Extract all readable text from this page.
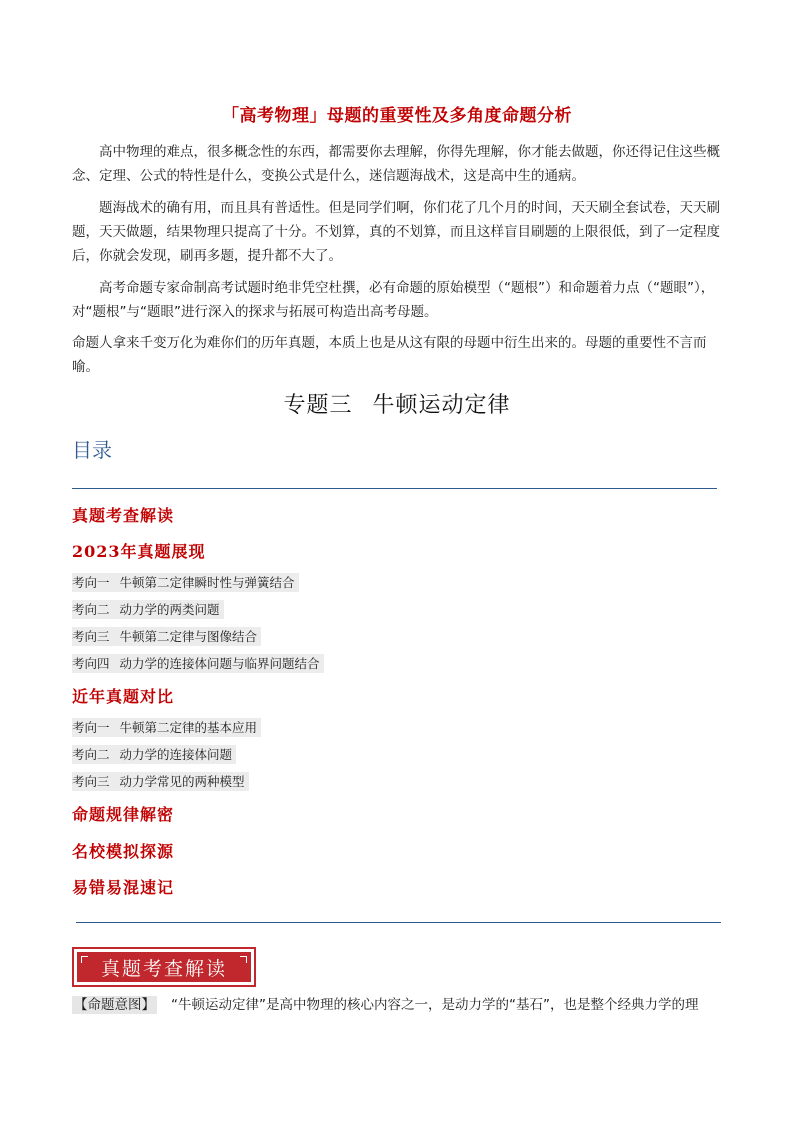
「高考物理」母题的重要性及多角度命题分析

高中物理的难点，很多概念性的东西，都需要你去理解，你得先理解，你才能去做题，你还得记住这些概念、定理、公式的特性是什么，变换公式是什么，迷信题海战术，这是高中生的通病。

题海战术的确有用，而且具有普适性。但是同学们啊，你们花了几个月的时间，天天刷全套试卷，天天刷题，天天做题，结果物理只提高了十分。不划算，真的不划算，而且这样盲目刷题的上限很低，到了一定程度后，你就会发现，刷再多题，提升都不大了。

高考命题专家命制高考试题时绝非凭空杜撰，必有命题的原始模型（“题根”）和命题着力点（“题眼”），对“题根”与“题眼”进行深入的探求与拓展可构造出高考母题。

命题人拿来千变万化为难你们的历年真题，本质上也是从这有限的母题中衍生出来的。母题的重要性不言而喻。

专题三 牛顿运动定律
目录
真题考查解读
2023年真题展现
考向一 牛顿第二定律瞬时性与弹簧结合
考向二 动力学的两类问题
考向三 牛顿第二定律与图像结合
考向四 动力学的连接体问题与临界问题结合
近年真题对比
考向一 牛顿第二定律的基本应用
考向二 动力学的连接体问题
考向三 动力学常见的两种模型
命题规律解密
名校模拟探源
易错易混速记
真题考查解读
【命题意图】 “牛顿运动定律”是高中物理的核心内容之一，是动力学的“基石”，也是整个经典力学的理
